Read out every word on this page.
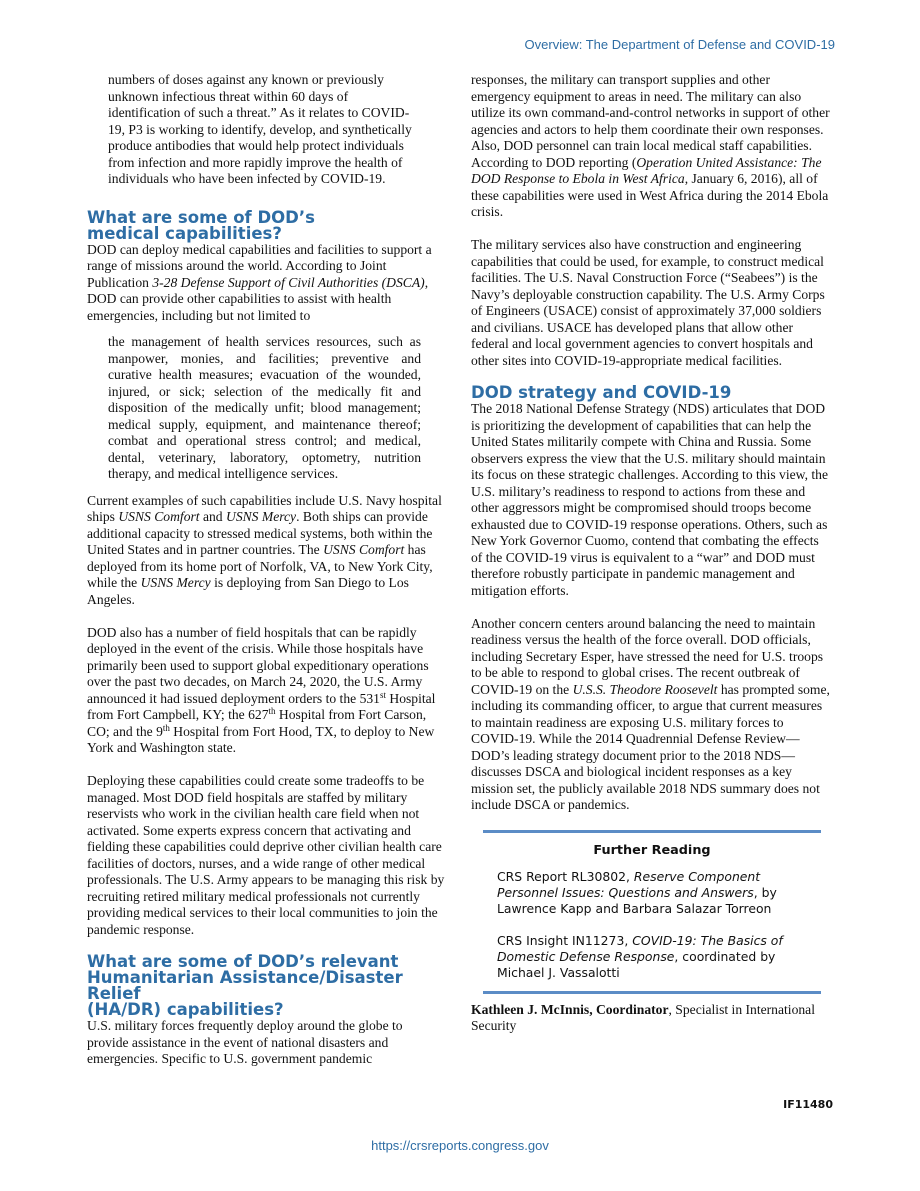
Overview: The Department of Defense and COVID-19

numbers of doses against any known or previously unknown infectious threat within 60 days of identification of such a threat.” As it relates to COVID-19, P3 is working to identify, develop, and synthetically produce antibodies that would help protect individuals from infection and more rapidly improve the health of individuals who have been infected by COVID-19.

What are some of DOD’s
medical capabilities?

DOD can deploy medical capabilities and facilities to support a range of missions around the world. According to Joint Publication 3-28 Defense Support of Civil Authorities (DSCA), DOD can provide other capabilities to assist with health emergencies, including but not limited to

the management of health services resources, such as manpower, monies, and facilities; preventive and curative health measures; evacuation of the wounded, injured, or sick; selection of the medically fit and disposition of the medically unfit; blood management; medical supply, equipment, and maintenance thereof; combat and operational stress control; and medical, dental, veterinary, laboratory, optometry, nutrition therapy, and medical intelligence services.

Current examples of such capabilities include U.S. Navy hospital ships USNS Comfort and USNS Mercy. Both ships can provide additional capacity to stressed medical systems, both within the United States and in partner countries. The USNS Comfort has deployed from its home port of Norfolk, VA, to New York City, while the USNS Mercy is deploying from San Diego to Los Angeles.

DOD also has a number of field hospitals that can be rapidly deployed in the event of the crisis. While those hospitals have primarily been used to support global expeditionary operations over the past two decades, on March 24, 2020, the U.S. Army announced it had issued deployment orders to the 531st Hospital from Fort Campbell, KY; the 627th Hospital from Fort Carson, CO; and the 9th Hospital from Fort Hood, TX, to deploy to New York and Washington state.

Deploying these capabilities could create some tradeoffs to be managed. Most DOD field hospitals are staffed by military reservists who work in the civilian health care field when not activated. Some experts express concern that activating and fielding these capabilities could deprive other civilian health care facilities of doctors, nurses, and a wide range of other medical professionals. The U.S. Army appears to be managing this risk by recruiting retired military medical professionals not currently providing medical services to their local communities to join the pandemic response.

What are some of DOD’s relevant
Humanitarian Assistance/Disaster Relief
(HA/DR) capabilities?

U.S. military forces frequently deploy around the globe to provide assistance in the event of national disasters and emergencies. Specific to U.S. government pandemic

responses, the military can transport supplies and other emergency equipment to areas in need. The military can also utilize its own command-and-control networks in support of other agencies and actors to help them coordinate their own responses. Also, DOD personnel can train local medical staff capabilities. According to DOD reporting (Operation United Assistance: The DOD Response to Ebola in West Africa, January 6, 2016), all of these capabilities were used in West Africa during the 2014 Ebola crisis.

The military services also have construction and engineering capabilities that could be used, for example, to construct medical facilities. The U.S. Naval Construction Force (“Seabees”) is the Navy’s deployable construction capability. The U.S. Army Corps of Engineers (USACE) consist of approximately 37,000 soldiers and civilians. USACE has developed plans that allow other federal and local government agencies to convert hospitals and other sites into COVID-19-appropriate medical facilities.

DOD strategy and COVID-19

The 2018 National Defense Strategy (NDS) articulates that DOD is prioritizing the development of capabilities that can help the United States militarily compete with China and Russia. Some observers express the view that the U.S. military should maintain its focus on these strategic challenges. According to this view, the U.S. military’s readiness to respond to actions from these and other aggressors might be compromised should troops become exhausted due to COVID-19 response operations. Others, such as New York Governor Cuomo, contend that combating the effects of the COVID-19 virus is equivalent to a “war” and DOD must therefore robustly participate in pandemic management and mitigation efforts.

Another concern centers around balancing the need to maintain readiness versus the health of the force overall. DOD officials, including Secretary Esper, have stressed the need for U.S. troops to be able to respond to global crises. The recent outbreak of COVID-19 on the U.S.S. Theodore Roosevelt has prompted some, including its commanding officer, to argue that current measures to maintain readiness are exposing U.S. military forces to COVID-19. While the 2014 Quadrennial Defense Review—DOD’s leading strategy document prior to the 2018 NDS—discusses DSCA and biological incident responses as a key mission set, the publicly available 2018 NDS summary does not include DSCA or pandemics.

Further Reading

CRS Report RL30802, Reserve Component Personnel Issues: Questions and Answers, by Lawrence Kapp and Barbara Salazar Torreon

CRS Insight IN11273, COVID-19: The Basics of Domestic Defense Response, coordinated by Michael J. Vassalotti

Kathleen J. McInnis, Coordinator, Specialist in International Security

IF11480
https://crsreports.congress.gov
